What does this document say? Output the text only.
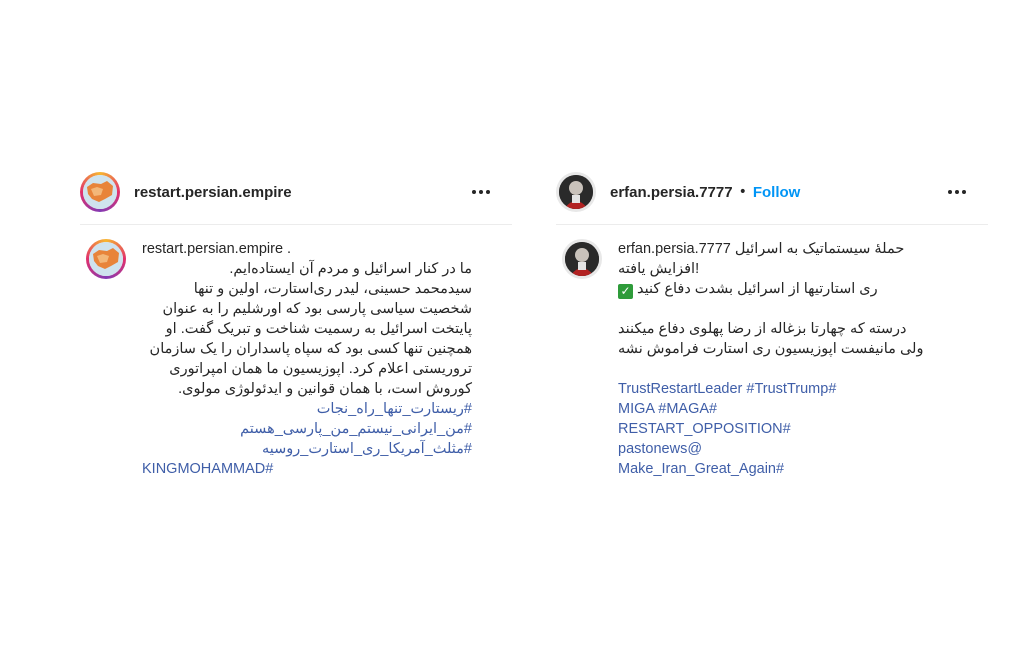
restart.persian.empire
restart.persian.empire .
ما در کنار اسرائیل و مردم آن ایستاده‌ایم.
سیدمحمد حسینی، لیدر ری‌استارت، اولین و تنها
شخصیت سیاسی پارسی بود که اورشلیم را به عنوان
پایتخت اسرائیل به رسمیت شناخت و تبریک گفت. او
همچنین تنها کسی بود که سپاه پاسداران را یک سازمان
تروریستی اعلام کرد. اپوزیسیون ما همان امپراتوری
کوروش است، با همان قوانین و ایدئولوژی مولوی.
#ریستارت_تنها_راه_نجات
#من_ایرانی_نیستم_من_پارسی_هستم
#مثلث_آمریکا_ری_استارت_روسیه
KINGMOHAMMAD#
erfan.persia.7777 • Follow
erfan.persia.7777 حملهٔ سیستماتیک به اسرائیل
افزایش یافته!
✓ ری استارتیها از اسرائیل بشدت دفاع کنید
درسته که چهارتا بزغاله از رضا پهلوی دفاع میکنند
ولی مانیفست اپوزیسیون ری استارت فراموش نشه
TrustRestartLeader #TrustTrump#
MIGA #MAGA#
RESTART_OPPOSITION#
pastonews@
Make_Iran_Great_Again#
